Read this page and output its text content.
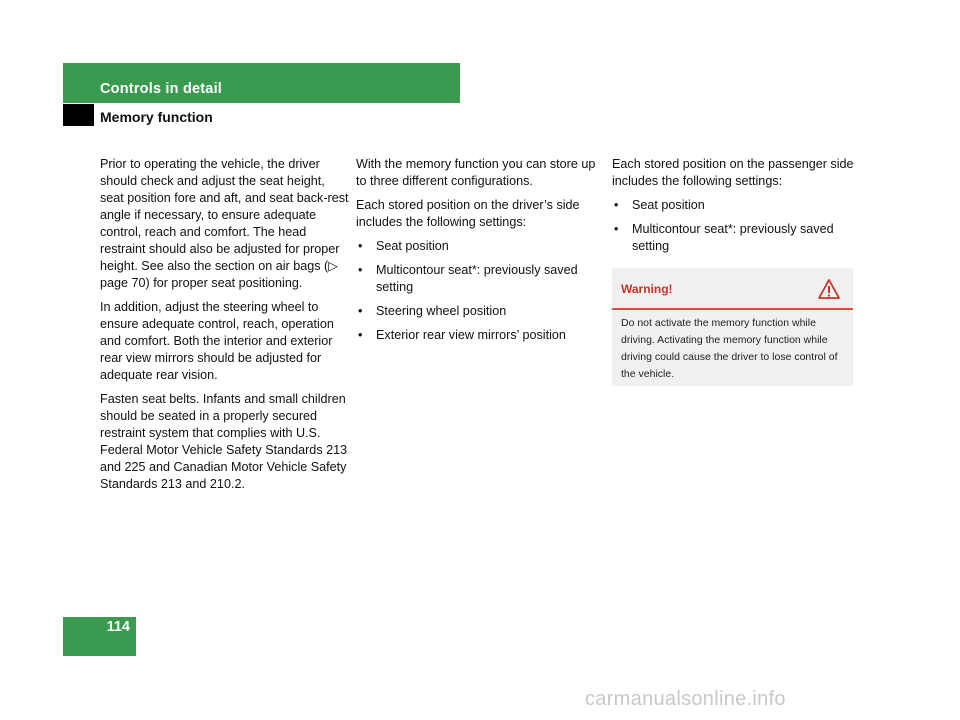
Controls in detail
Memory function

Prior to operating the vehicle, the driver should check and adjust the seat height, seat position fore and aft, and seat back-rest angle if necessary, to ensure adequate control, reach and comfort. The head restraint should also be adjusted for proper height. See also the section on air bags (▷ page 70) for proper seat positioning.

In addition, adjust the steering wheel to ensure adequate control, reach, operation and comfort. Both the interior and exterior rear view mirrors should be adjusted for adequate rear vision.

Fasten seat belts. Infants and small children should be seated in a properly secured restraint system that complies with U.S. Federal Motor Vehicle Safety Standards 213 and 225 and Canadian Motor Vehicle Safety Standards 213 and 210.2.

With the memory function you can store up to three different configurations.

Each stored position on the driver’s side includes the following settings:

• Seat position
• Multicontour seat*: previously saved setting
• Steering wheel position
• Exterior rear view mirrors’ position

Each stored position on the passenger side includes the following settings:

• Seat position
• Multicontour seat*: previously saved setting
Warning!
Do not activate the memory function while driving. Activating the memory function while driving could cause the driver to lose control of the vehicle.
114
carmanualsonline.info
